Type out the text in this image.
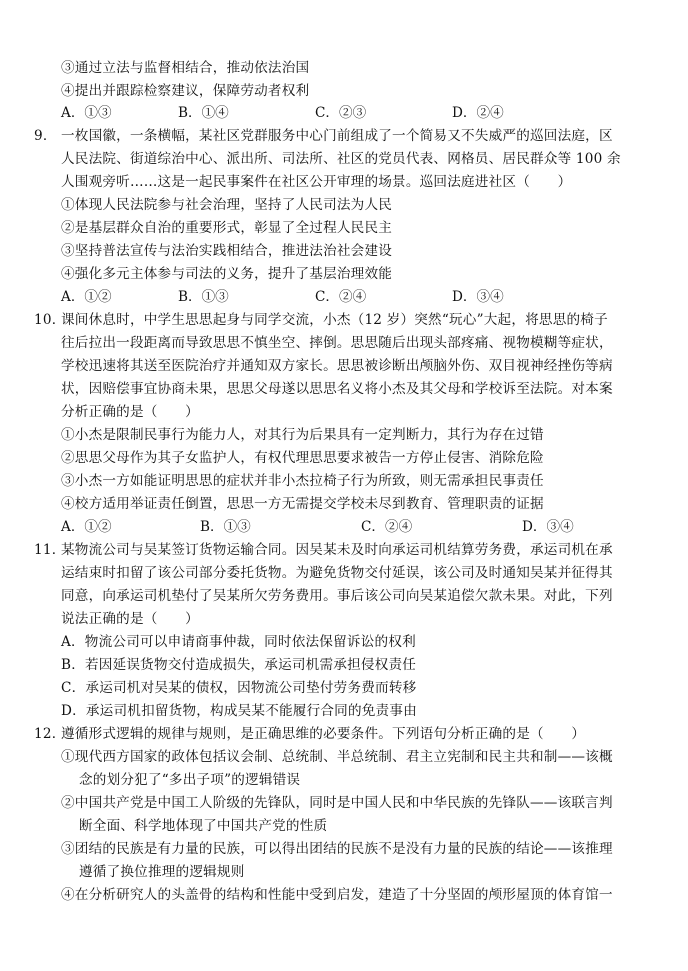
③通过立法与监督相结合，推动依法治国
④提出并跟踪检察建议，保障劳动者权利
A．①③	B．①④	C．②③	D．②④
9． 一枚国徽，一条横幅，某社区党群服务中心门前组成了一个简易又不失威严的巡回法庭，区
人民法院、街道综治中心、派出所、司法所、社区的党员代表、网格员、居民群众等 100 余
人围观旁听……这是一起民事案件在社区公开审理的场景。巡回法庭进社区（　　）
①体现人民法院参与社会治理，坚持了人民司法为人民
②是基层群众自治的重要形式，彰显了全过程人民民主
③坚持普法宣传与法治实践相结合，推进法治社会建设
④强化多元主体参与司法的义务，提升了基层治理效能
A．①②	B．①③	C．②④	D．③④
10．
课间休息时，中学生思思起身与同学交流，小杰（12 岁）突然“玩心”大起，将思思的椅子
往后拉出一段距离而导致思思不慎坐空、摔倒。思思随后出现头部疼痛、视物模糊等症状，
学校迅速将其送至医院治疗并通知双方家长。思思被诊断出颅脑外伤、双目视神经挫伤等病
状，因赔偿事宜协商未果，思思父母遂以思思名义将小杰及其父母和学校诉至法院。对本案
分析正确的是（　　）
①小杰是限制民事行为能力人，对其行为后果具有一定判断力，其行为存在过错
②思思父母作为其子女监护人，有权代理思思要求被告一方停止侵害、消除危险
③小杰一方如能证明思思的症状并非小杰拉椅子行为所致，则无需承担民事责任
④校方适用举证责任倒置，思思一方无需提交学校未尽到教育、管理职责的证据
A．①②	B．①③	C．②④	D．③④
11．
某物流公司与吴某签订货物运输合同。因吴某未及时向承运司机结算劳务费，承运司机在承
运结束时扣留了该公司部分委托货物。为避免货物交付延误，该公司及时通知吴某并征得其
同意，向承运司机垫付了吴某所欠劳务费用。事后该公司向吴某追偿欠款未果。对此，下列
说法正确的是（　　）
A．物流公司可以申请商事仲裁，同时依法保留诉讼的权利
B．若因延误货物交付造成损失，承运司机需承担侵权责任
C．承运司机对吴某的债权，因物流公司垫付劳务费而转移
D．承运司机扣留货物，构成吴某不能履行合同的免责事由
12．
遵循形式逻辑的规律与规则，是正确思维的必要条件。下列语句分析正确的是（　　）
①现代西方国家的政体包括议会制、总统制、半总统制、君主立宪制和民主共和制——该概
念的划分犯了“多出子项”的逻辑错误
②中国共产党是中国工人阶级的先锋队，同时是中国人民和中华民族的先锋队——该联言判
断全面、科学地体现了中国共产党的性质
③团结的民族是有力量的民族，可以得出团结的民族不是没有力量的民族的结论——该推理
遵循了换位推理的逻辑规则
④在分析研究人的头盖骨的结构和性能中受到启发，建造了十分坚固的颅形屋顶的体育馆一
